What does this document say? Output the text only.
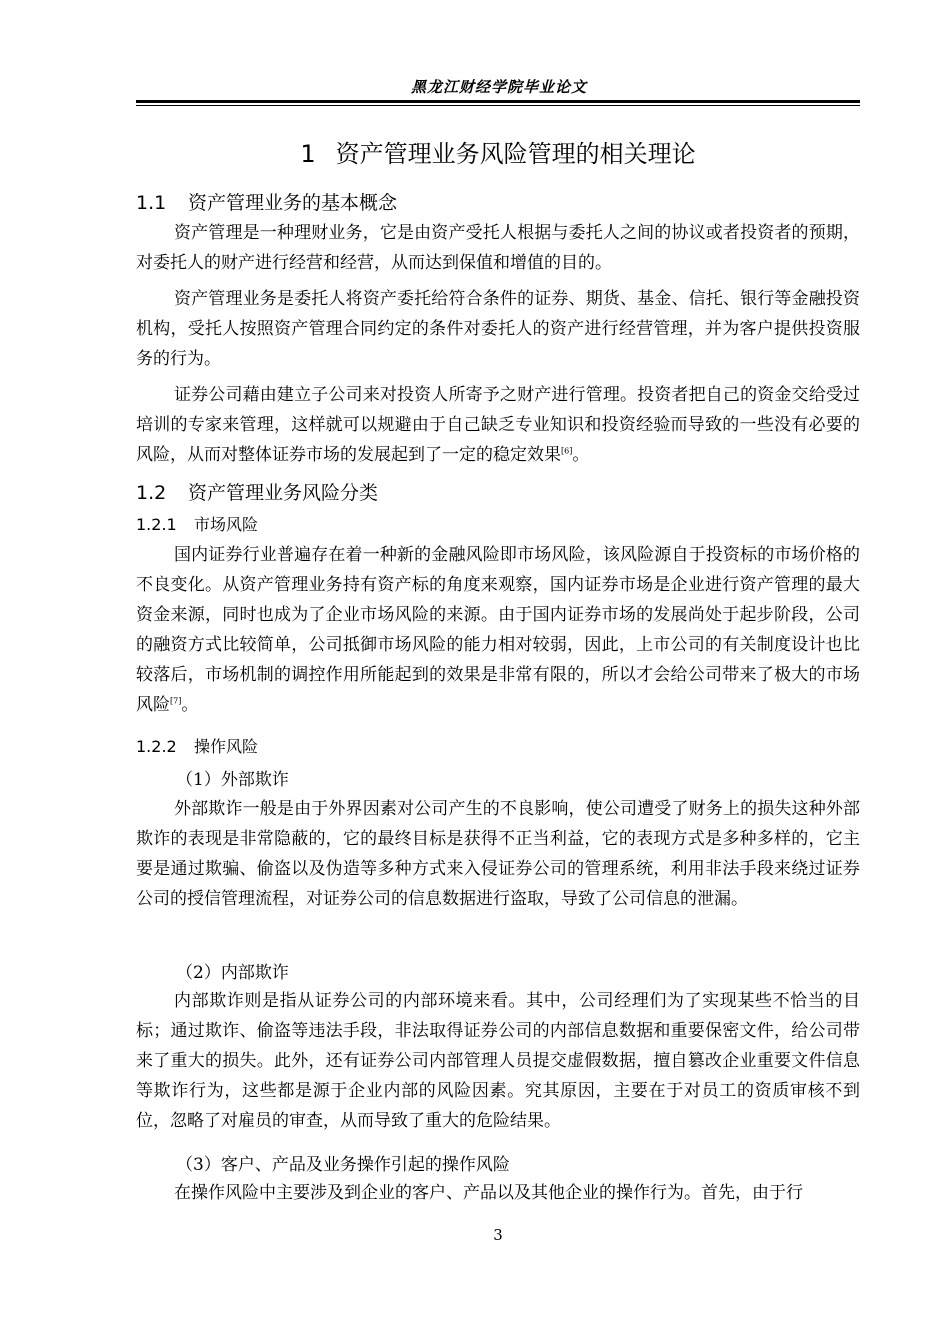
黑龙江财经学院毕业论文
1 资产管理业务风险管理的相关理论
1.1 资产管理业务的基本概念

资产管理是一种理财业务，它是由资产受托人根据与委托人之间的协议或者投资者的预期，对委托人的财产进行经营和经营，从而达到保值和增值的目的。

资产管理业务是委托人将资产委托给符合条件的证券、期货、基金、信托、银行等金融投资机构，受托人按照资产管理合同约定的条件对委托人的资产进行经营管理，并为客户提供投资服务的行为。

证券公司藉由建立子公司来对投资人所寄予之财产进行管理。投资者把自己的资金交给受过培训的专家来管理，这样就可以规避由于自己缺乏专业知识和投资经验而导致的一些没有必要的风险，从而对整体证券市场的发展起到了一定的稳定效果[6]。

1.2 资产管理业务风险分类
1.2.1 市场风险

国内证券行业普遍存在着一种新的金融风险即市场风险，该风险源自于投资标的市场价格的不良变化。从资产管理业务持有资产标的角度来观察，国内证券市场是企业进行资产管理的最大资金来源，同时也成为了企业市场风险的来源。由于国内证券市场的发展尚处于起步阶段，公司的融资方式比较简单，公司抵御市场风险的能力相对较弱，因此，上市公司的有关制度设计也比较落后，市场机制的调控作用所能起到的效果是非常有限的，所以才会给公司带来了极大的市场风险[7]。

1.2.2 操作风险
（1）外部欺诈

外部欺诈一般是由于外界因素对公司产生的不良影响，使公司遭受了财务上的损失这种外部欺诈的表现是非常隐蔽的，它的最终目标是获得不正当利益，它的表现方式是多种多样的，它主要是通过欺骗、偷盗以及伪造等多种方式来入侵证券公司的管理系统，利用非法手段来绕过证券公司的授信管理流程，对证券公司的信息数据进行盗取，导致了公司信息的泄漏。

（2）内部欺诈

内部欺诈则是指从证券公司的内部环境来看。其中，公司经理们为了实现某些不恰当的目标；通过欺诈、偷盗等违法手段，非法取得证券公司的内部信息数据和重要保密文件，给公司带来了重大的损失。此外，还有证券公司内部管理人员提交虚假数据，擅自篡改企业重要文件信息等欺诈行为，这些都是源于企业内部的风险因素。究其原因，主要在于对员工的资质审核不到位，忽略了对雇员的审查，从而导致了重大的危险结果。

（3）客户、产品及业务操作引起的操作风险

在操作风险中主要涉及到企业的客户、产品以及其他企业的操作行为。首先，由于行

3
